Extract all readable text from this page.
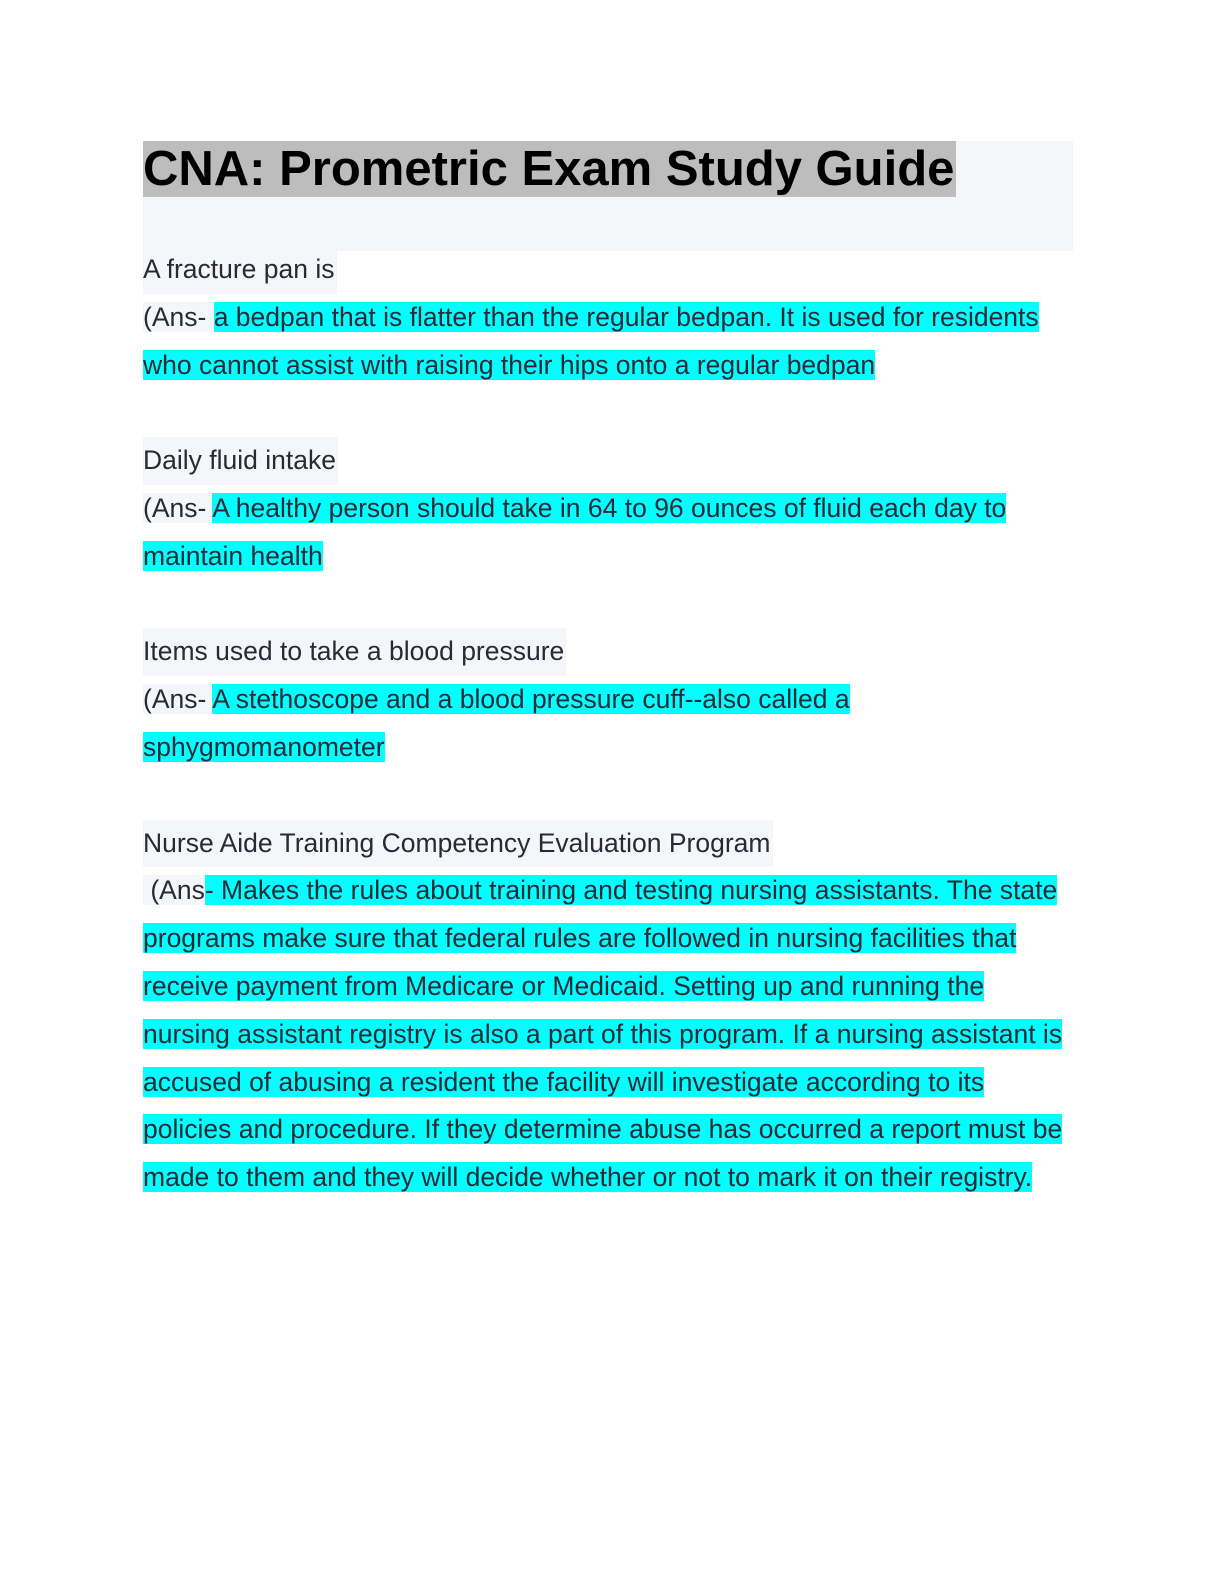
CNA: Prometric Exam Study Guide
A fracture pan is
(Ans- a bedpan that is flatter than the regular bedpan. It is used for residents who cannot assist with raising their hips onto a regular bedpan
Daily fluid intake
(Ans- A healthy person should take in 64 to 96 ounces of fluid each day to maintain health
Items used to take a blood pressure
(Ans- A stethoscope and a blood pressure cuff--also called a sphygmomanometer
Nurse Aide Training Competency Evaluation Program
(Ans- Makes the rules about training and testing nursing assistants. The state programs make sure that federal rules are followed in nursing facilities that receive payment from Medicare or Medicaid. Setting up and running the nursing assistant registry is also a part of this program. If a nursing assistant is accused of abusing a resident the facility will investigate according to its policies and procedure. If they determine abuse has occurred a report must be made to them and they will decide whether or not to mark it on their registry.
